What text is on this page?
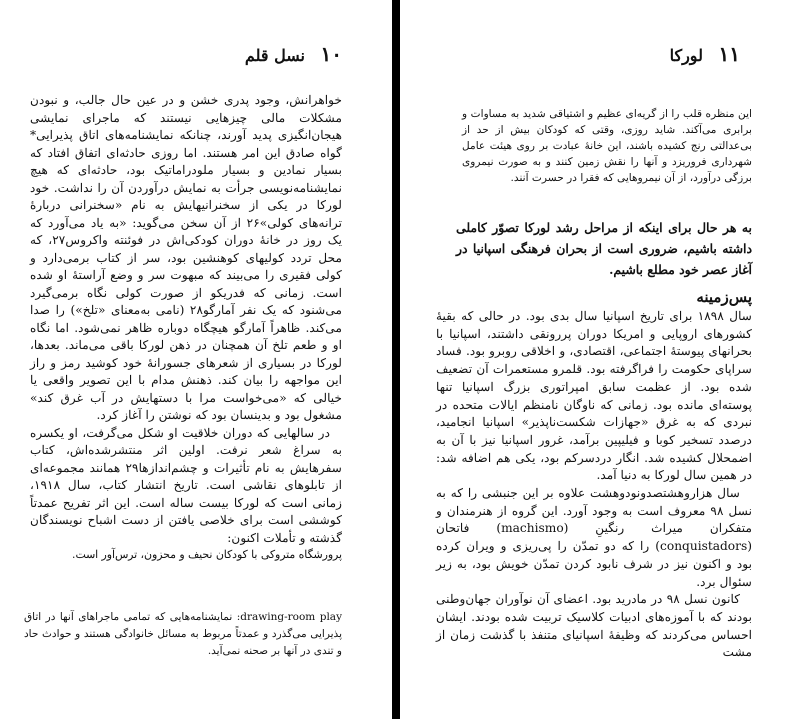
۱۱ لورکا

این منظره قلب را از گریه‌ای عظیم و اشتیاقی شدید به مساوات و برابری می‌آکند. شاید روزی، وقتی که کودکان بیش از حد از بی‌عدالتی رنج کشیده باشند، این خانهٔ عبادت بر روی هیئت عامل شهرداری فروریزد و آنها را نقش زمین کنند و به صورت نیمروی برزگی درآورد، از آن نیمروهایی که فقرا در حسرت آنند.

به هر حال برای اینکه از مراحل رشد لورکا تصوّر کاملی داشته باشیم، ضروری است از بحران فرهنگی اسپانیا در آغاز عصر خود مطلع باشیم.

پس‌زمینه

سال ۱۸۹۸ برای تاریخ اسپانیا سال بدی بود. در حالی که بقیهٔ کشورهای اروپایی و امریکا دوران پررونقی داشتند، اسپانیا با بحرانهای پیوستهٔ اجتماعی، اقتصادی، و اخلاقی روبرو بود. فساد سراپای حکومت را فراگرفته بود. قلمرو مستعمرات آن تضعیف شده بود. از عظمت سابق امپراتوری بزرگ اسپانیا تنها پوسته‌ای مانده بود. زمانی که ناوگان نامنظم ایالات متحده در نبردی که به غرق «جهازات شکست‌ناپذیر» اسپانیا انجامید، درصدد تسخیر کوبا و فیلیپین برآمد، غرور اسپانیا نیز با آن به اضمحلال کشیده شد. انگار دردسرکم بود، یکی هم اضافه شد: در همین سال لورکا به دنیا آمد.

سال هزاروهشتصدونودوهشت علاوه بر این جنبشی را که به نسل ۹۸ معروف است به وجود آورد. این گروه از هنرمندان و متفکران میراث رنگینِ (machismo) فاتحان (conquistadors) را که دو تمدّن را پی‌ریزی و ویران کرده بود و اکنون نیز در شرف نابود کردن تمدّن خویش بود، به زیر سئوال برد.

کانون نسل ۹۸ در مادرید بود. اعضای آن نوآوران جهان‌وطنی بودند که با آموزه‌های ادبیات کلاسیک تربیت شده بودند. ایشان احساس می‌کردند که وظیفهٔ اسپانیای متنفذ با گذشت زمان از مشت

۱۰ نسل قلم

خواهرانش، وجود پدری خشن و در عین حال جالب، و نبودن مشکلات مالی چیزهایی نیستند که ماجرای نمایشی هیجان‌انگیزی پدید آورند، چنانکه نمایشنامه‌های اتاق پذیرایی* گواه صادق این امر هستند. اما روزی حادثه‌ای اتفاق افتاد که بسیار نمادین و بسیار ملودراماتیک بود، حادثه‌ای که هیچ نمایشنامه‌نویسی جرأت به نمایش درآوردن آن را نداشت. خود لورکا در یکی از سخنرانیهایش به نام «سخنرانی دربارهٔ ترانه‌های کولی»۲۶ از آن سخن می‌گوید: «به یاد می‌آورد که یک روز در خانهٔ دوران کودکی‌اش در فوئنته واکروس۲۷، که محل تردد کولیهای کوهنشین بود، سر از کتاب برمی‌دارد و کولی فقیری را می‌بیند که مبهوت سر و وضع آراستهٔ او شده است. زمانی که فدریکو از صورت کولی نگاه برمی‌گیرد می‌شنود که یک نفر آمارگو۲۸ (نامی به‌معنای «تلخ») را صدا می‌کند. ظاهراً آمارگو هیچگاه دوباره ظاهر نمی‌شود. اما نگاه او و طعم تلخ آن همچنان در ذهن لورکا باقی می‌ماند. بعدها، لورکا در بسیاری از شعرهای جسورانهٔ خود کوشید رمز و راز این مواجهه را بیان کند. ذهنش مدام با این تصویر واقعی یا خیالی که «می‌خواست مرا با دستهایش در آب غرق کند» مشغول بود و بدینسان بود که نوشتن را آغاز کرد.

در سالهایی که دوران خلاقیت او شکل می‌گرفت، او یکسره به سراغ شعر نرفت. اولین اثر منتشرشده‌اش، کتاب سفرهایش به نام تأثیرات و چشم‌اندازها۲۹ همانند مجموعه‌ای از تابلوهای نقاشی است. تاریخ انتشار کتاب، سال ۱۹۱۸، زمانی است که لورکا بیست ساله است. این اثر تفریح عمدتاً کوششی است برای خلاصی یافتن از دست اشباح نویسندگان گذشته و تأملات اکنون:

پرورشگاه متروکی با کودکان نحیف و محزون، ترس‌آور است.

drawing-room play: نمایشنامه‌هایی که تمامی ماجراهای آنها در اتاق پذیرایی می‌گذرد و عمدتاً مربوط به مسائل خانوادگی هستند و حوادث حاد و تندی در آنها بر صحنه نمی‌آید.
